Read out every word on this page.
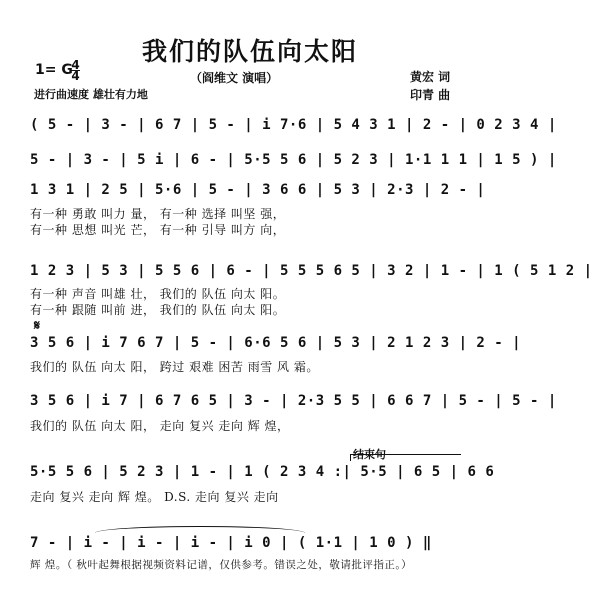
我们的队伍向太阳
（阎维文 演唱）
1= G
4
4
进行曲速度 雄壮有力地
黄宏 词
印青 曲
( 5 - | 3 - | 6 7 | 5 - | i 7·6 | 5 4 3 1 | 2 - | 0 2 3 4 |
5 - | 3 - | 5 i | 6 - | 5·5 5 6 | 5 2 3 | 1·1 1 1 | 1 5 ) |
1 3 1 | 2 5 | 5·6 | 5 - | 3 6 6 | 5 3 | 2·3 | 2 - |
有一种 勇敢 叫力 量， 有一种 选择 叫坚 强，
有一种 思想 叫光 芒， 有一种 引导 叫方 向，
1 2 3 | 5 3 | 5 5 6 | 6 - | 5 5 5 6 5 | 3 2 | 1 - | 1 ( 5 1 2 |
有一种 声音 叫雄 壮， 我们的 队伍 向太 阳。
有一种 跟随 叫前 进， 我们的 队伍 向太 阳。
𝄋
3 5 6 | i 7 6 7 | 5 - | 6·6 5 6 | 5 3 | 2 1 2 3 | 2 - |
我们的 队伍 向太 阳， 跨过 艰难 困苦 雨雪 风 霜。
3 5 6 | i 7 | 6 7 6 5 | 3 - | 2·3 5 5 | 6 6 7 | 5 - | 5 - |
我们的 队伍 向太 阳， 走向 复兴 走向 辉 煌，
结束句
5·5 5 6 | 5 2 3 | 1 - | 1 ( 2 3 4 :| 5·5 | 6 5 | 6 6
走向 复兴 走向 辉 煌。 D.S. 走向 复兴 走向
7 - | i - | i - | i - | i 0 | ( 1·1 | 1 0 ) ‖
辉 煌。（ 秋叶起舞根据视频资料记谱，仅供参考。错误之处，敬请批评指正。）
